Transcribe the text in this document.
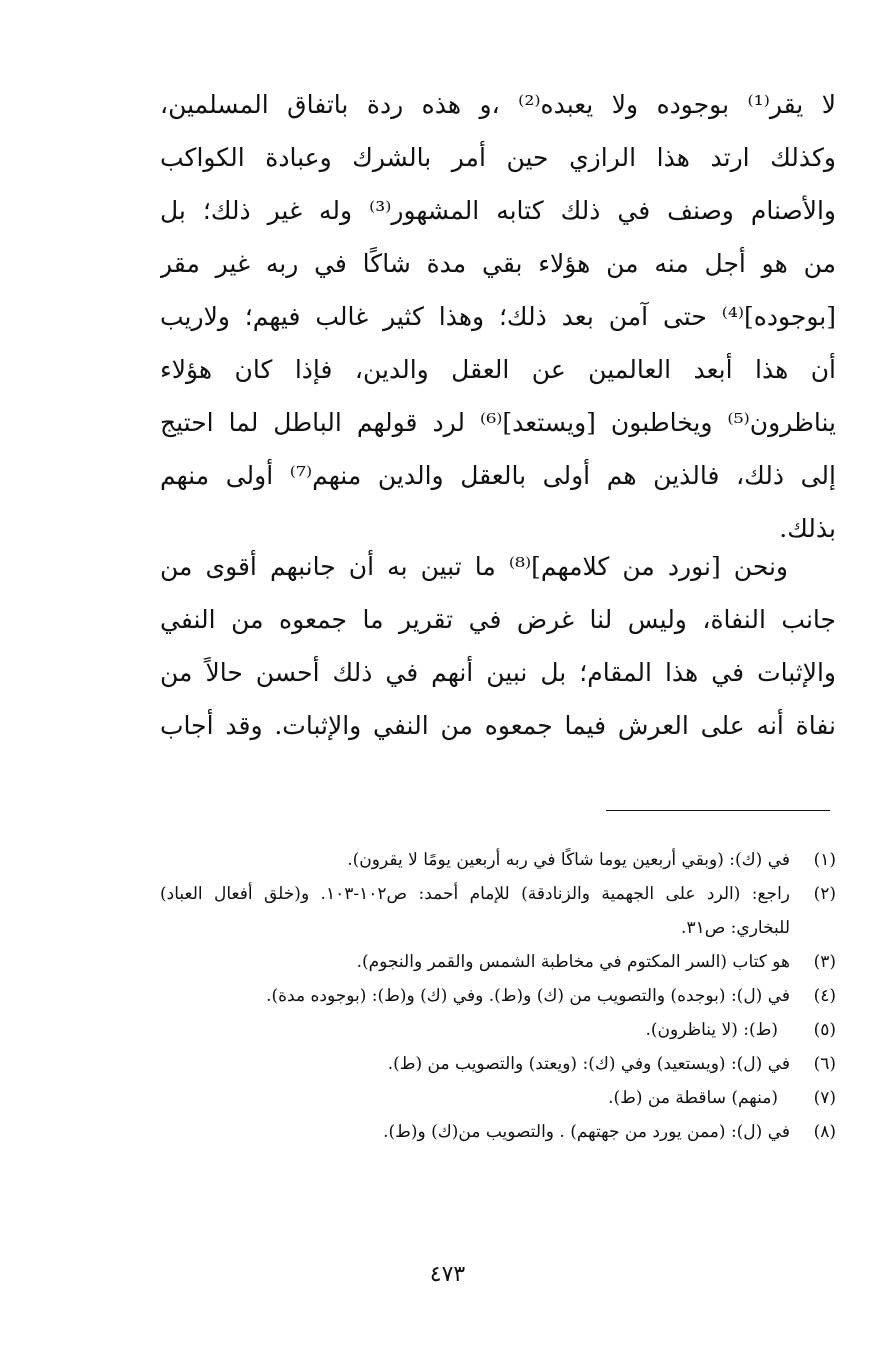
لا يقر⁽¹⁾ بوجوده ولا يعبده⁽²⁾ ،و هذه ردة باتفاق المسلمين،
وكذلك ارتد هذا الرازي حين أمر بالشرك وعبادة الكواكب
والأصنام وصنف في ذلك كتابه المشهور⁽³⁾ وله غير ذلك؛ بل
من هو أجل منه من هؤلاء بقي مدة شاكًا في ربه غير مقر
[بوجوده]⁽⁴⁾ حتى آمن بعد ذلك؛ وهذا كثير غالب فيهم؛ ولاريب
أن هذا أبعد العالمين عن العقل والدين، فإذا كان هؤلاء
يناظرون⁽⁵⁾ ويخاطبون [ويستعد]⁽⁶⁾ لرد قولهم الباطل لما احتيج
إلى ذلك، فالذين هم أولى بالعقل والدين منهم⁽⁷⁾ أولى منهم
بذلك.
ونحن [نورد من كلامهم]⁽⁸⁾ ما تبين به أن جانبهم أقوى من
جانب النفاة، وليس لنا غرض في تقرير ما جمعوه من النفي
والإثبات في هذا المقام؛ بل نبين أنهم في ذلك أحسن حالاً من
نفاة أنه على العرش فيما جمعوه من النفي والإثبات. وقد أجاب
(١)
في (ك): (وبقي أربعين يوما شاكًا في ربه أربعين يومًا لا يقرون).
(٢)
راجع: (الرد على الجهمية والزنادقة) للإمام أحمد: ص١٠٢-١٠٣. و(خلق أفعال العباد) للبخاري: ص٣١.
(٣)
هو كتاب (السر المكتوم في مخاطبة الشمس والقمر والنجوم).
(٤)
في (ل): (بوجده) والتصويب من (ك) و(ط). وفي (ك) و(ط): (بوجوده مدة).
(٥)
(ط): (لا يناظرون).
(٦)
في (ل): (ويستعيد) وفي (ك): (ويعتد) والتصويب من (ط).
(٧)
(منهم) ساقطة من (ط).
(٨)
في (ل): (ممن يورد من جهتهم) . والتصويب من(ك) و(ط).
٤٧٣
